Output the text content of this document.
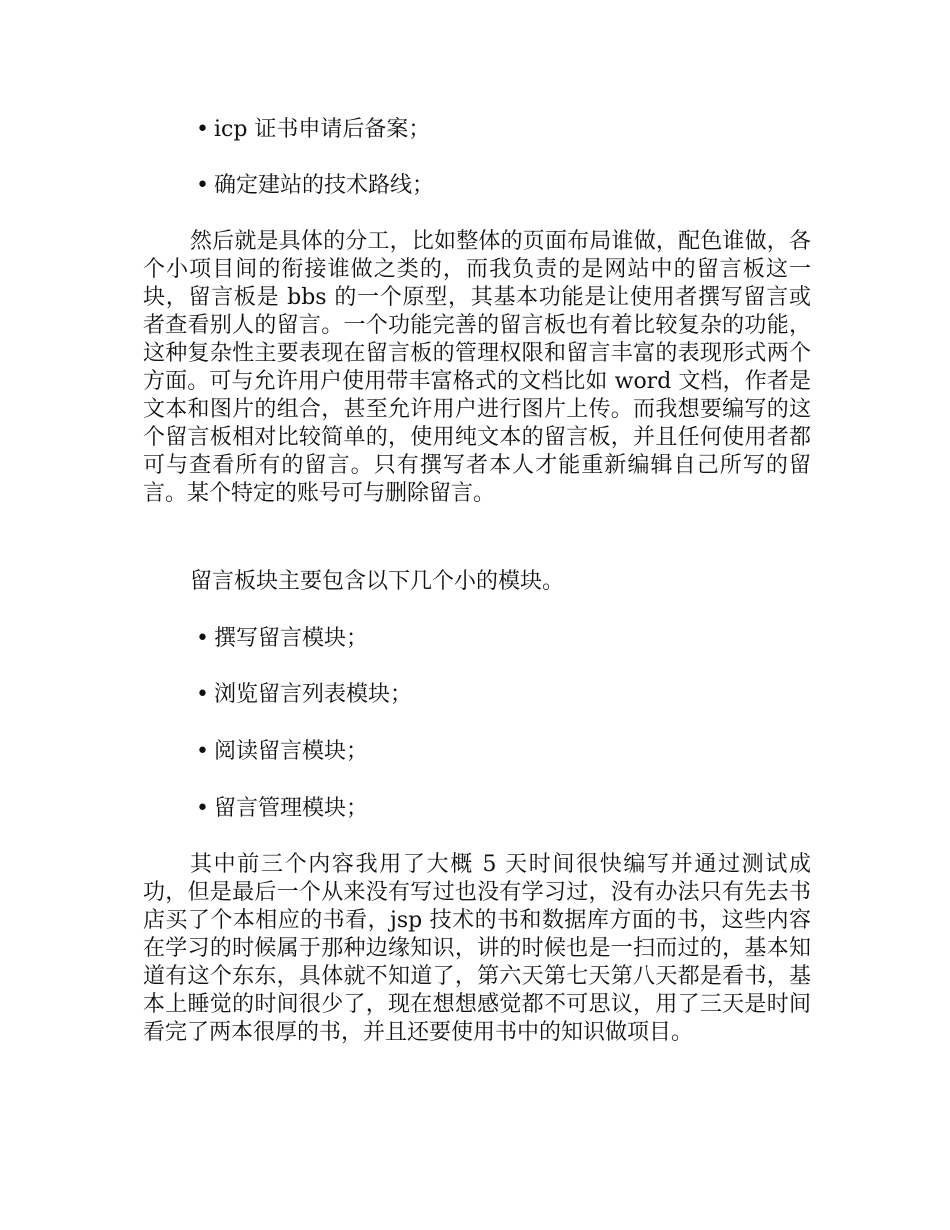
• icp 证书申请后备案；
• 确定建站的技术路线；

然后就是具体的分工，比如整体的页面布局谁做，配色谁做，各个小项目间的衔接谁做之类的，而我负责的是网站中的留言板这一块，留言板是 bbs 的一个原型，其基本功能是让使用者撰写留言或者查看别人的留言。一个功能完善的留言板也有着比较复杂的功能，这种复杂性主要表现在留言板的管理权限和留言丰富的表现形式两个方面。可与允许用户使用带丰富格式的文档比如 word 文档，作者是文本和图片的组合，甚至允许用户进行图片上传。而我想要编写的这个留言板相对比较简单的，使用纯文本的留言板，并且任何使用者都可与查看所有的留言。只有撰写者本人才能重新编辑自己所写的留言。某个特定的账号可与删除留言。

留言板块主要包含以下几个小的模块。

• 撰写留言模块；
• 浏览留言列表模块；
• 阅读留言模块；
• 留言管理模块；

其中前三个内容我用了大概 5 天时间很快编写并通过测试成功，但是最后一个从来没有写过也没有学习过，没有办法只有先去书店买了个本相应的书看，jsp 技术的书和数据库方面的书，这些内容在学习的时候属于那种边缘知识，讲的时候也是一扫而过的，基本知道有这个东东，具体就不知道了，第六天第七天第八天都是看书，基本上睡觉的时间很少了，现在想想感觉都不可思议，用了三天是时间看完了两本很厚的书，并且还要使用书中的知识做项目。
